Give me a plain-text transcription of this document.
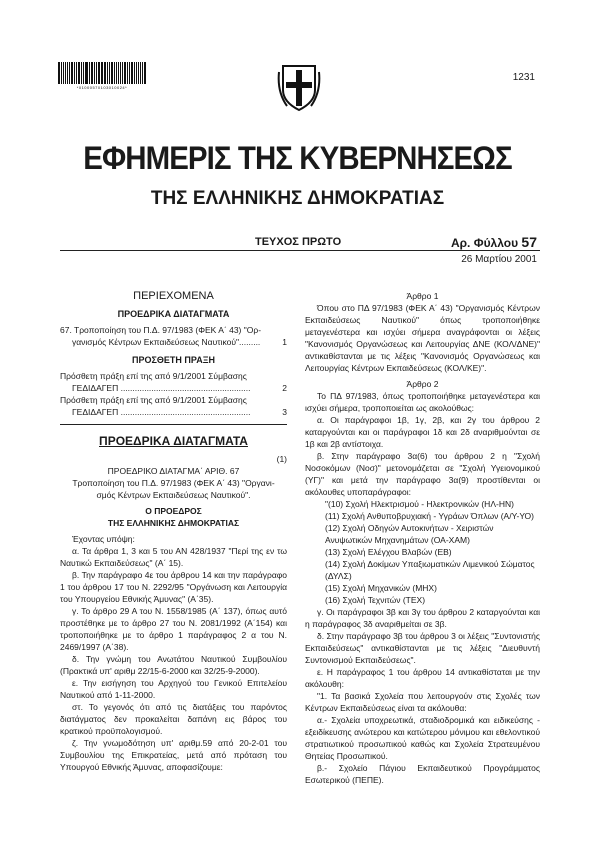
*01000570103010024*
1231
ΕΦΗΜΕΡΙΣ ΤΗΣ ΚΥΒΕΡΝΗΣΕΩΣ
ΤΗΣ ΕΛΛΗΝΙΚΗΣ ΔΗΜΟΚΡΑΤΙΑΣ
ΤΕΥΧΟΣ ΠΡΩΤΟ	Αρ. Φύλλου 57
26 Μαρτίου 2001
ΠΕΡΙΕΧΟΜΕΝΑ
ΠΡΟΕΔΡΙΚΑ ΔΙΑΤΑΓΜΑΤΑ
67. Τροποποίηση του Π.Δ. 97/1983 (ΦΕΚ Α΄ 43) "Ορ-
γανισμός Κέντρων Εκπαιδεύσεως Ναυτικού".........	1
ΠΡΟΣΘΕΤΗ ΠΡΑΞΗ
Πρόσθετη πράξη επί της από 9/1/2001 Σύμβασης
ΓΕΔΙΔΑΓΕΠ .......................................................	2
Πρόσθετη πράξη επί της από 9/1/2001 Σύμβασης
ΓΕΔΙΔΑΓΕΠ .......................................................	3
ΠΡΟΕΔΡΙΚΑ ΔΙΑΤΑΓΜΑΤΑ
(1)
ΠΡΟΕΔΡΙΚΟ ΔΙΑΤΑΓΜΑ΄ ΑΡΙΘ. 67
Τροποποίηση του Π.Δ. 97/1983 (ΦΕΚ Α΄ 43) "Οργανι-
σμός Κέντρων Εκπαιδεύσεως Ναυτικού".
Ο ΠΡΟΕΔΡΟΣ
ΤΗΣ ΕΛΛΗΝΙΚΗΣ ΔΗΜΟΚΡΑΤΙΑΣ

Έχοντας υπόψη:

α. Τα άρθρα 1, 3 και 5 του ΑΝ 428/1937 "Περί της εν τω Ναυτικώ Εκπαιδεύσεως" (Α΄ 15).

β. Την παράγραφο 4ε του άρθρου 14 και την παράγραφο 1 του άρθρου 17 του Ν. 2292/95 "Οργάνωση και Λειτουργία του Υπουργείου Εθνικής Άμυνας" (Α΄35).

γ. Το άρθρο 29 Α του Ν. 1558/1985 (Α΄ 137), όπως αυτό προστέθηκε με το άρθρο 27 του Ν. 2081/1992 (Α΄154) και τροποποιήθηκε με το άρθρο 1 παράγραφος 2 α του Ν. 2469/1997 (Α΄38).

δ. Την γνώμη του Ανωτάτου Ναυτικού Συμβουλίου (Πρακτικά υπ' αριθμ 22/15-6-2000 και 32/25-9-2000).

ε. Την εισήγηση του Αρχηγού του Γενικού Επιτελείου Ναυτικού από 1-11-2000.

στ. Το γεγονός ότι από τις διατάξεις του παρόντος διατάγματος δεν προκαλείται δαπάνη εις βάρος του κρατικού προϋπολογισμού.

ζ. Την γνωμοδότηση υπ' αριθμ.59 από 20-2-01 του Συμβουλίου της Επικρατείας, μετά από πρόταση του Υπουργού Εθνικής Άμυνας, αποφασίζουμε:

Άρθρο 1

Όπου στο ΠΔ 97/1983 (ΦΕΚ Α΄ 43) "Οργανισμός Κέντρων Εκπαιδεύσεως Ναυτικού" όπως τροποποιήθηκε μεταγενέστερα και ισχύει σήμερα αναγράφονται οι λέξεις "Κανονισμός Οργανώσεως και Λειτουργίας ΔΝΕ (ΚΟΛ/ΔΝΕ)" αντικαθίστανται με τις λέξεις "Κανονισμός Οργανώσεως και Λειτουργίας Κέντρων Εκπαιδεύσεως (ΚΟΛ/ΚΕ)".

Άρθρο 2

Το ΠΔ 97/1983, όπως τροποποιήθηκε μεταγενέστερα και ισχύει σήμερα, τροποποιείται ως ακολούθως:

α. Οι παράγραφοι 1β, 1γ, 2β, και 2γ του άρθρου 2 καταργούνται και οι παράγραφοι 1δ και 2δ αναριθμούνται σε 1β και 2β αντίστοιχα.

β. Στην παράγραφο 3α(6) του άρθρου 2 η "Σχολή Νοσοκόμων (Νοσ)" μετονομάζεται σε "Σχολή Υγειονομικού (ΥΓ)" και μετά την παράγραφο 3α(9) προστίθενται οι ακόλουθες υποπαράγραφοι:

"(10) Σχολή Ηλεκτρισμού - Ηλεκτρονικών (ΗΛ-ΗΝ)
(11) Σχολή Ανθυποβρυχιακή - Υγράων Όπλων (Α/Υ-ΥΟ)
(12) Σχολή Οδηγών Αυτοκινήτων - Χειριστών Ανυψωτικών Μηχανημάτων (ΟΑ-ΧΑΜ)
(13) Σχολή Ελέγχου Βλαβών (ΕΒ)
(14) Σχολή Δοκίμων Υπαξιωματικών Λιμενικού Σώματος (ΔΥΛΣ)
(15) Σχολή Μηχανικών (ΜΗΧ)
(16) Σχολή Τεχνιτών (ΤΕΧ)

γ. Οι παράγραφοι 3β και 3γ του άρθρου 2 καταργούνται και η παράγραφος 3δ αναριθμείται σε 3β.

δ. Στην παράγραφο 3β του άρθρου 3 οι λέξεις "Συντονιστής Εκπαιδεύσεως" αντικαθίστανται με τις λέξεις "Διευθυντή Συντονισμού Εκπαιδεύσεως".

ε. Η παράγραφος 1 του άρθρου 14 αντικαθίσταται με την ακόλουθη:

"1. Τα βασικά Σχολεία που λειτουργούν στις Σχολές των Κέντρων Εκπαιδεύσεως είναι τα ακόλουθα:

α.- Σχολεία υποχρεωτικά, σταδιοδρομικά και ειδικεύσης - εξειδίκευσης ανώτερου και κατώτερου μόνιμου και εθελοντικού στρατιωτικού προσωπικού καθώς και Σχολεία Στρατευμένου Θητείας Προσωπικού.

β.- Σχολείο Πάγιου Εκπαιδευτικού Προγράμματος Εσωτερικού (ΠΕΠΕ).
